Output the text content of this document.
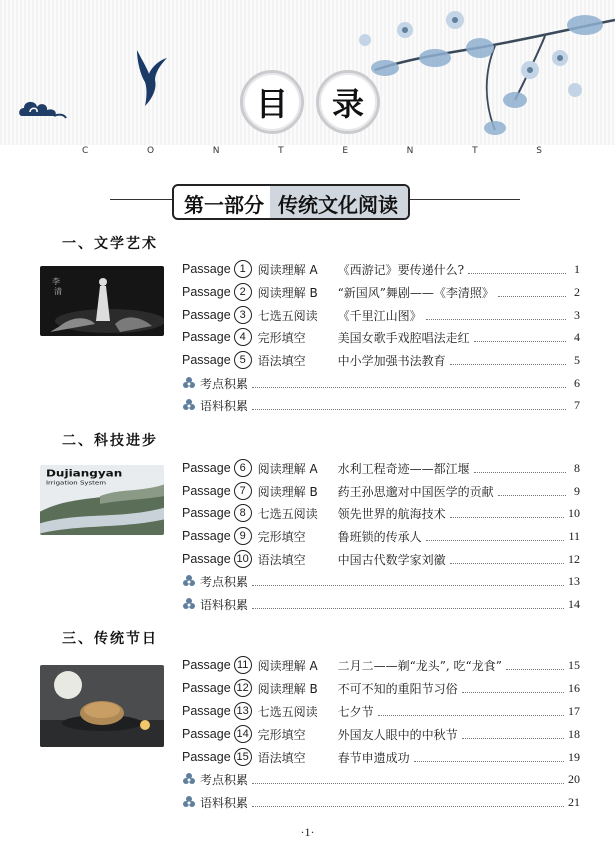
目	录
C	O	N	T	E	N	T	S
第一部分 传统文化阅读
一、文学艺术
李
清
Passage 1 阅读理解 A	《西游记》要传递什么?	1
Passage 2 阅读理解 B	“新国风”舞剧——《李清照》	2
Passage 3 七选五阅读	《千里江山图》	3
Passage 4 完形填空	美国女歌手戏腔唱法走红	4
Passage 5 语法填空	中小学加强书法教育	5
考点积累	6
语料积累	7
二、科技进步
Dujiangyan
Irrigation System
Passage 6 阅读理解 A	水利工程奇迹——都江堰	8
Passage 7 阅读理解 B	药王孙思邈对中国医学的贡献	9
Passage 8 七选五阅读	领先世界的航海技术	10
Passage 9 完形填空	鲁班锁的传承人	11
Passage 10 语法填空	中国古代数学家刘徽	12
考点积累	13
语料积累	14
三、传统节日
Passage 11 阅读理解 A	二月二——剃“龙头”, 吃“龙食”	15
Passage 12 阅读理解 B	不可不知的重阳节习俗	16
Passage 13 七选五阅读	七夕节	17
Passage 14 完形填空	外国友人眼中的中秋节	18
Passage 15 语法填空	春节申遗成功	19
考点积累	20
语料积累	21
·1·
